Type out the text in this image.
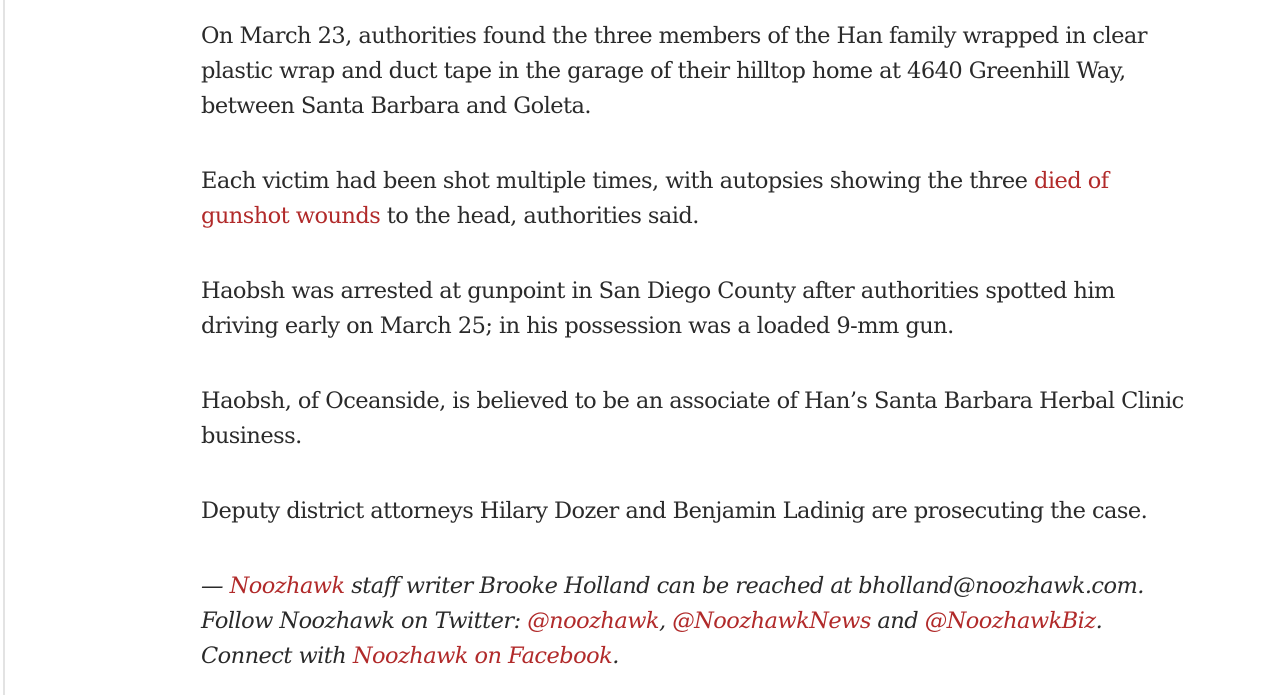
On March 23, authorities found the three members of the Han family wrapped in clear plastic wrap and duct tape in the garage of their hilltop home at 4640 Greenhill Way, between Santa Barbara and Goleta.

Each victim had been shot multiple times, with autopsies showing the three died of gunshot wounds to the head, authorities said.

Haobsh was arrested at gunpoint in San Diego County after authorities spotted him driving early on March 25; in his possession was a loaded 9-mm gun.

Haobsh, of Oceanside, is believed to be an associate of Han’s Santa Barbara Herbal Clinic business.

Deputy district attorneys Hilary Dozer and Benjamin Ladinig are prosecuting the case.

— Noozhawk staff writer Brooke Holland can be reached at bholland@noozhawk.com.
Follow Noozhawk on Twitter: @noozhawk, @NoozhawkNews and @NoozhawkBiz.
Connect with Noozhawk on Facebook.
